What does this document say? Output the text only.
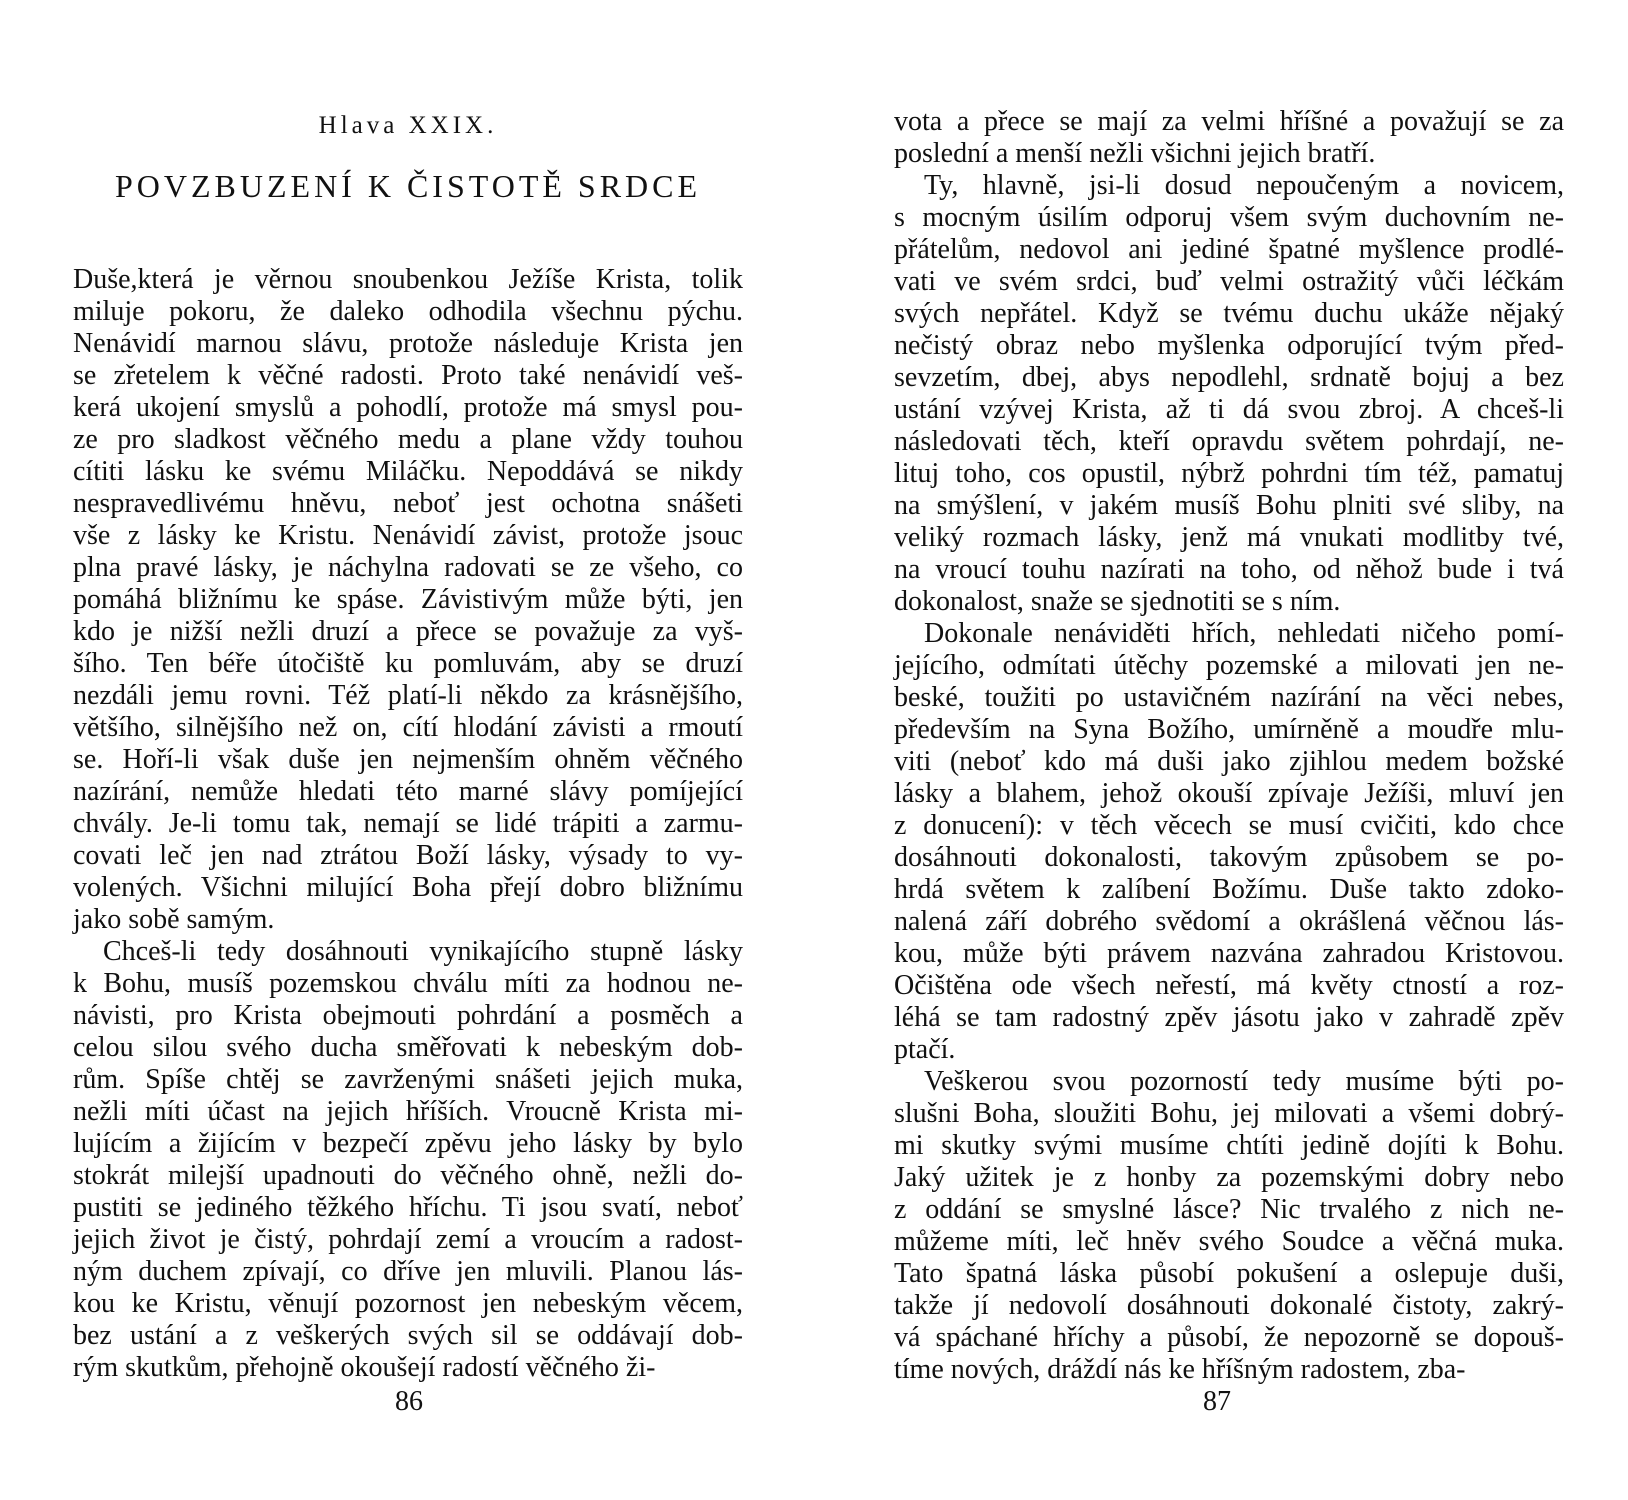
Hlava XXIX.
POVZBUZENÍ K ČISTOTĚ SRDCE
Duše,která je věrnou snoubenkou Ježíše Krista, tolik
miluje pokoru, že daleko odhodila všechnu pýchu.
Nenávidí marnou slávu, protože následuje Krista jen
se zřetelem k věčné radosti. Proto také nenávidí veš-
kerá ukojení smyslů a pohodlí, protože má smysl pou-
ze pro sladkost věčného medu a plane vždy touhou
cítiti lásku ke svému Miláčku. Nepoddává se nikdy
nespravedlivému hněvu, neboť jest ochotna snášeti
vše z lásky ke Kristu. Nenávidí závist, protože jsouc
plna pravé lásky, je náchylna radovati se ze všeho, co
pomáhá bližnímu ke spáse. Závistivým může býti, jen
kdo je nižší nežli druzí a přece se považuje za vyš-
šího. Ten béře útočiště ku pomluvám, aby se druzí
nezdáli jemu rovni. Též platí-li někdo za krásnějšího,
většího, silnějšího než on, cítí hlodání závisti a rmoutí
se. Hoří-li však duše jen nejmenším ohněm věčného
nazírání, nemůže hledati této marné slávy pomíjející
chvály. Je-li tomu tak, nemají se lidé trápiti a zarmu-
covati leč jen nad ztrátou Boží lásky, výsady to vy-
volených. Všichni milující Boha přejí dobro bližnímu
jako sobě samým.
Chceš-li tedy dosáhnouti vynikajícího stupně lásky
k Bohu, musíš pozemskou chválu míti za hodnou ne-
návisti, pro Krista obejmouti pohrdání a posměch a
celou silou svého ducha směřovati k nebeským dob-
rům. Spíše chtěj se zavrženými snášeti jejich muka,
nežli míti účast na jejich hříších. Vroucně Krista mi-
lujícím a žijícím v bezpečí zpěvu jeho lásky by bylo
stokrát milejší upadnouti do věčného ohně, nežli do-
pustiti se jediného těžkého hříchu. Ti jsou svatí, neboť
jejich život je čistý, pohrdají zemí a vroucím a radost-
ným duchem zpívají, co dříve jen mluvili. Planou lás-
kou ke Kristu, věnují pozornost jen nebeským věcem,
bez ustání a z veškerých svých sil se oddávají dob-
rým skutkům, přehojně okoušejí radostí věčného ži-
86
vota a přece se mají za velmi hříšné a považují se za
poslední a menší nežli všichni jejich bratří.
Ty, hlavně, jsi-li dosud nepoučeným a novicem,
s mocným úsilím odporuj všem svým duchovním ne-
přátelům, nedovol ani jediné špatné myšlence prodlé-
vati ve svém srdci, buď velmi ostražitý vůči léčkám
svých nepřátel. Když se tvému duchu ukáže nějaký
nečistý obraz nebo myšlenka odporující tvým před-
sevzetím, dbej, abys nepodlehl, srdnatě bojuj a bez
ustání vzývej Krista, až ti dá svou zbroj. A chceš-li
následovati těch, kteří opravdu světem pohrdají, ne-
lituj toho, cos opustil, nýbrž pohrdni tím též, pamatuj
na smýšlení, v jakém musíš Bohu plniti své sliby, na
veliký rozmach lásky, jenž má vnukati modlitby tvé,
na vroucí touhu nazírati na toho, od něhož bude i tvá
dokonalost, snaže se sjednotiti se s ním.
Dokonale nenáviděti hřích, nehledati ničeho pomí-
jejícího, odmítati útěchy pozemské a milovati jen ne-
beské, toužiti po ustavičném nazírání na věci nebes,
především na Syna Božího, umírněně a moudře mlu-
viti (neboť kdo má duši jako zjihlou medem božské
lásky a blahem, jehož okouší zpívaje Ježíši, mluví jen
z donucení): v těch věcech se musí cvičiti, kdo chce
dosáhnouti dokonalosti, takovým způsobem se po-
hrdá světem k zalíbení Božímu. Duše takto zdoko-
nalená září dobrého svědomí a okrášlená věčnou lás-
kou, může býti právem nazvána zahradou Kristovou.
Očištěna ode všech neřestí, má květy ctností a roz-
léhá se tam radostný zpěv jásotu jako v zahradě zpěv
ptačí.
Veškerou svou pozorností tedy musíme býti po-
slušni Boha, sloužiti Bohu, jej milovati a všemi dobrý-
mi skutky svými musíme chtíti jedině dojíti k Bohu.
Jaký užitek je z honby za pozemskými dobry nebo
z oddání se smyslné lásce? Nic trvalého z nich ne-
můžeme míti, leč hněv svého Soudce a věčná muka.
Tato špatná láska působí pokušení a oslepuje duši,
takže jí nedovolí dosáhnouti dokonalé čistoty, zakrý-
vá spáchané hříchy a působí, že nepozorně se dopouš-
tíme nových, dráždí nás ke hříšným radostem, zba-
87
